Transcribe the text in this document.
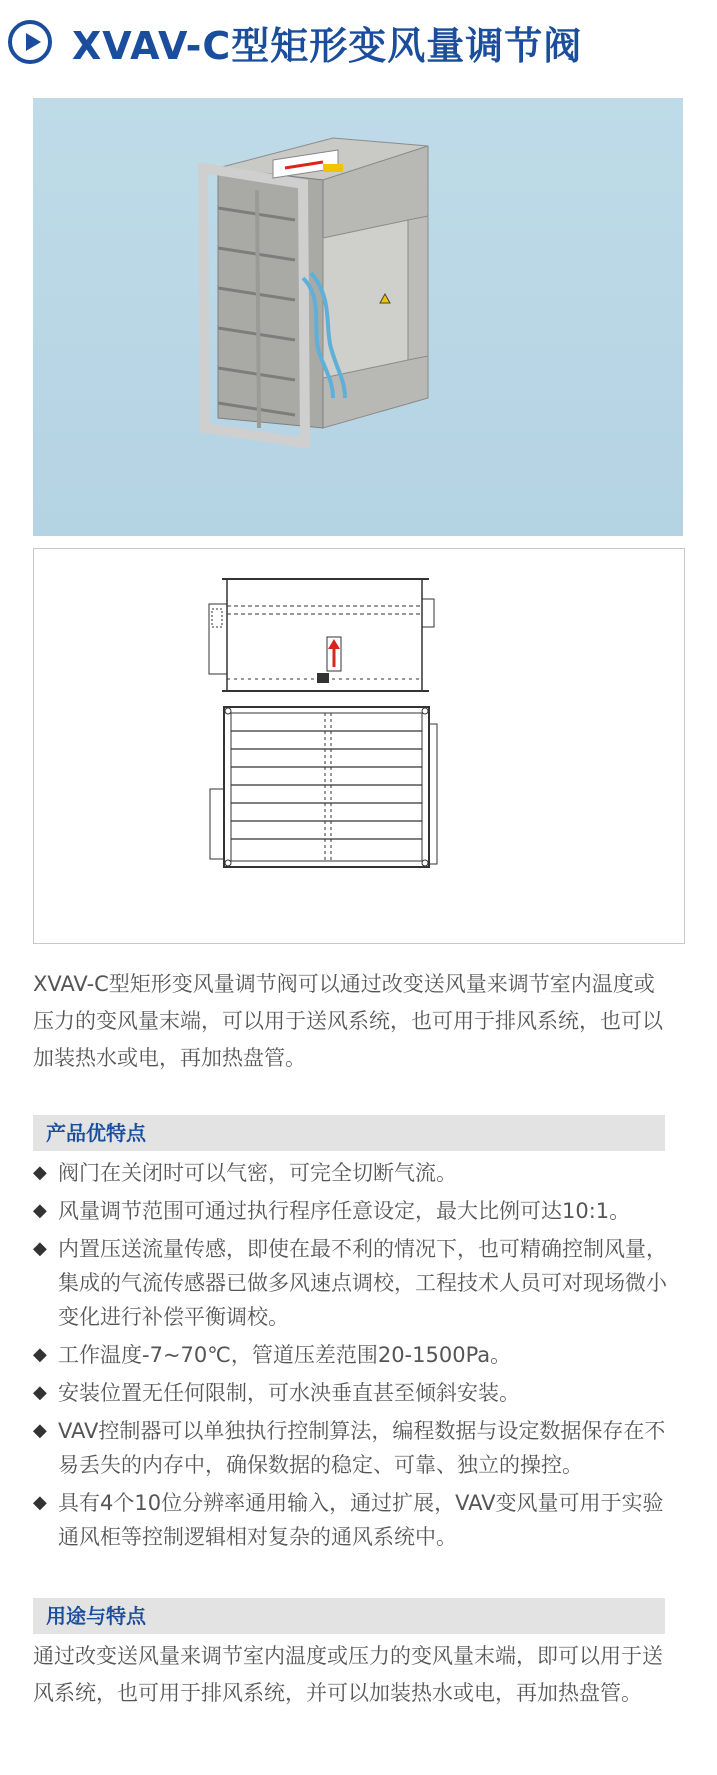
XVAV-C型矩形变风量调节阀

XVAV-C型矩形变风量调节阀可以通过改变送风量来调节室内温度或压力的变风量末端，可以用于送风系统，也可用于排风系统，也可以加装热水或电，再加热盘管。

产品优特点
◆ 阀门在关闭时可以气密，可完全切断气流。
◆ 风量调节范围可通过执行程序任意设定，最大比例可达10:1。
◆ 内置压送流量传感，即使在最不利的情况下，也可精确控制风量，集成的气流传感器已做多风速点调校，工程技术人员可对现场微小变化进行补偿平衡调校。
◆ 工作温度-7~70℃，管道压差范围20-1500Pa。
◆ 安装位置无任何限制，可水泱垂直甚至倾斜安装。
◆ VAV控制器可以单独执行控制算法，编程数据与设定数据保存在不易丢失的内存中，确保数据的稳定、可靠、独立的操控。
◆ 具有4个10位分辨率通用输入，通过扩展，VAV变风量可用于实验通风柜等控制逻辑相对复杂的通风系统中。
用途与特点

通过改变送风量来调节室内温度或压力的变风量末端，即可以用于送风系统，也可用于排风系统，并可以加装热水或电，再加热盘管。
